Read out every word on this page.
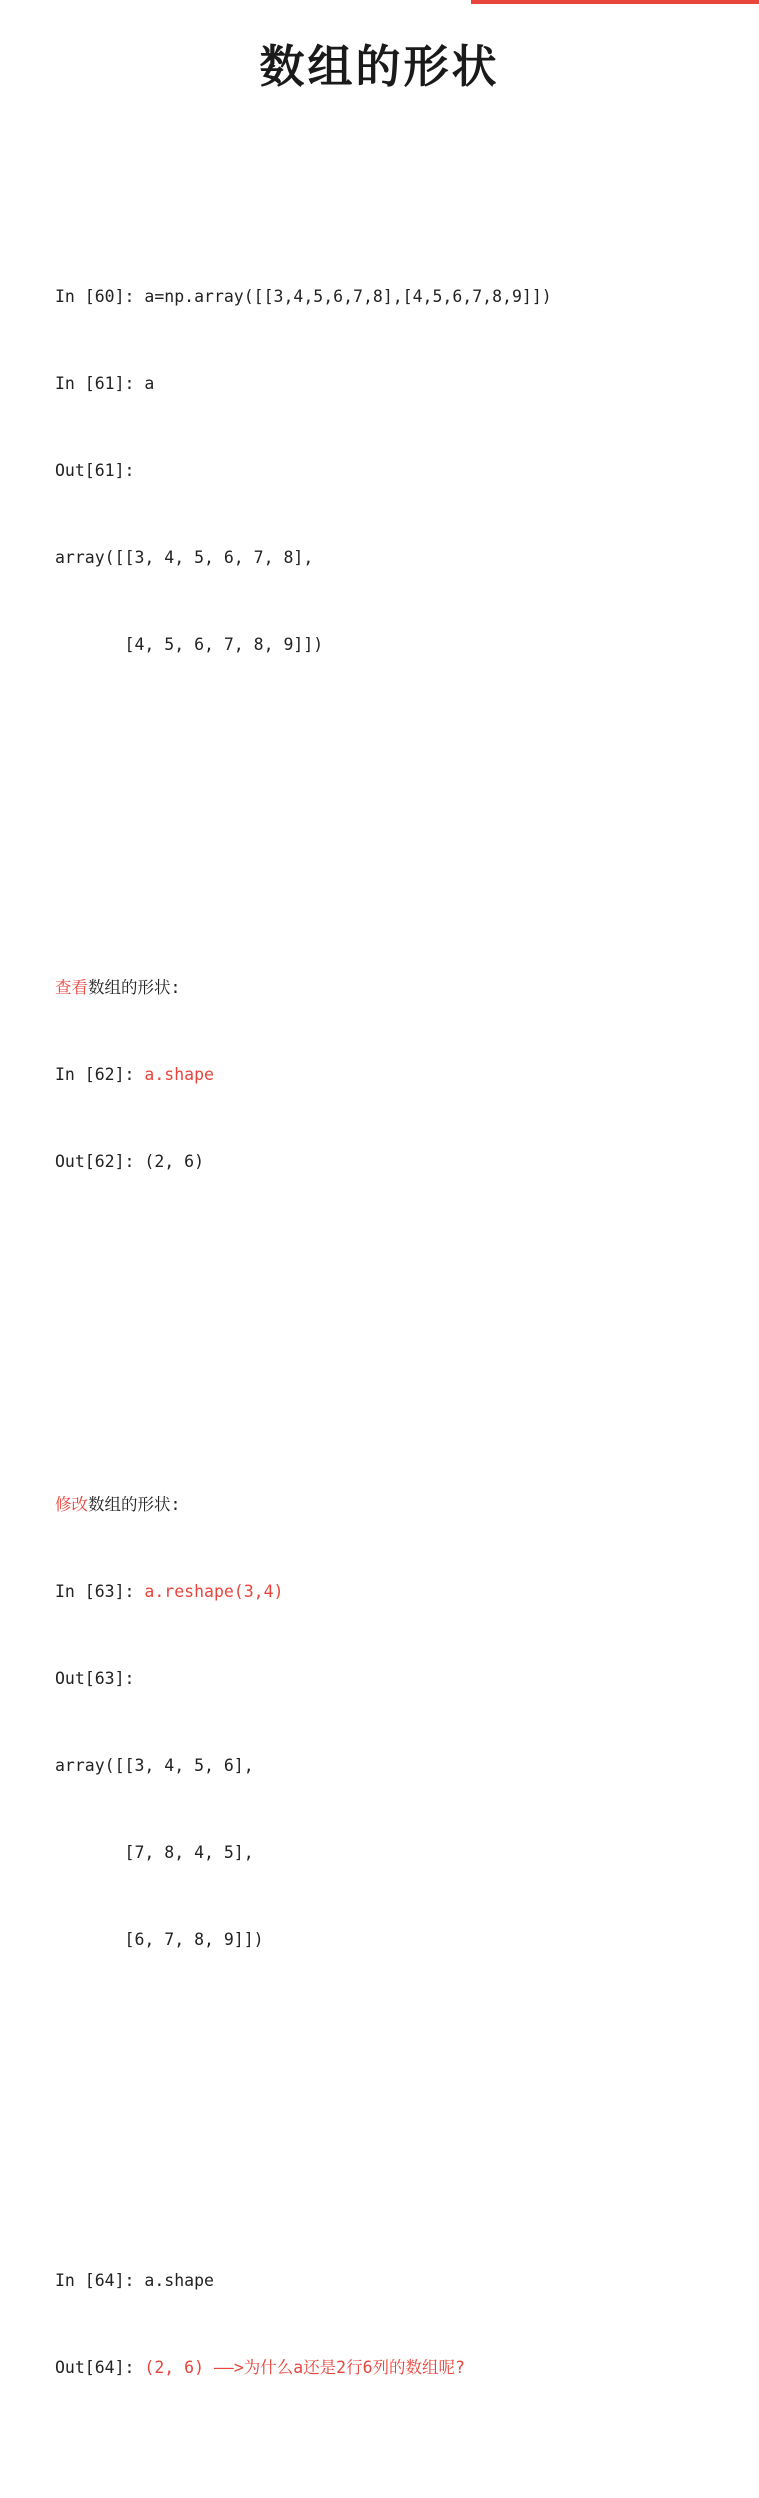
数组的形状

In [60]: a=np.array([[3,4,5,6,7,8],[4,5,6,7,8,9]])

In [61]: a

Out[61]:

array([[3, 4, 5, 6, 7, 8],

[4, 5, 6, 7, 8, 9]])

查看数组的形状:

In [62]: a.shape

Out[62]: (2, 6)

修改数组的形状:

In [63]: a.reshape(3,4)

Out[63]:

array([[3, 4, 5, 6],

[7, 8, 4, 5],

[6, 7, 8, 9]])

In [64]: a.shape

Out[64]: (2, 6) ——>为什么a还是2行6列的数组呢?
